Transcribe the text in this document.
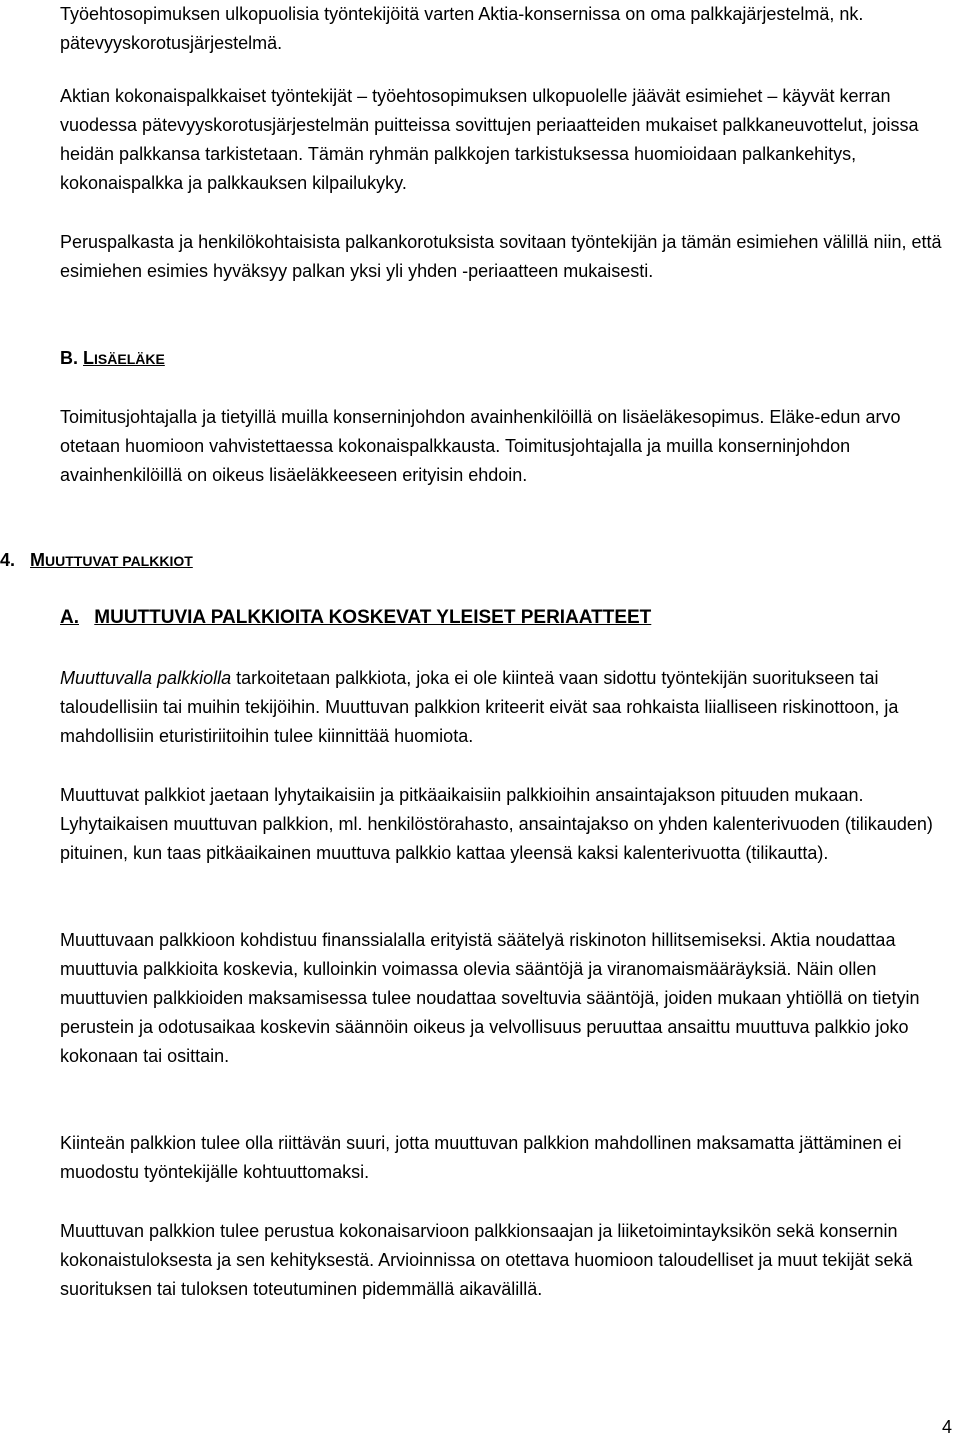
Työehtosopimuksen ulkopuolisia työntekijöitä varten Aktia-konsernissa on oma palkkajärjestelmä, nk. pätevyyskorotusjärjestelmä.

Aktian kokonaispalkkaiset työntekijät – työehtosopimuksen ulkopuolelle jäävät esimiehet – käyvät kerran vuodessa pätevyyskorotusjärjestelmän puitteissa sovittujen periaatteiden mukaiset palkkaneuvottelut, joissa heidän palkkansa tarkistetaan. Tämän ryhmän palkkojen tarkistuksessa huomioidaan palkankehitys, kokonaispalkka ja palkkauksen kilpailukyky.

Peruspalkasta ja henkilökohtaisista palkankorotuksista sovitaan työntekijän ja tämän esimiehen välillä niin, että esimiehen esimies hyväksyy palkan yksi yli yhden -periaatteen mukaisesti.

B. LISÄELÄKE

Toimitusjohtajalla ja tietyillä muilla konserninjohdon avainhenkilöillä on lisäeläkesopimus. Eläke-edun arvo otetaan huomioon vahvistettaessa kokonaispalkkausta. Toimitusjohtajalla ja muilla konserninjohdon avainhenkilöillä on oikeus lisäeläkkeeseen erityisin ehdoin.

4. MUUTTUVAT PALKKIOT
A. MUUTTUVIA PALKKIOITA KOSKEVAT YLEISET PERIAATTEET

Muuttuvalla palkkiolla tarkoitetaan palkkiota, joka ei ole kiinteä vaan sidottu työntekijän suoritukseen tai taloudellisiin tai muihin tekijöihin. Muuttuvan palkkion kriteerit eivät saa rohkaista liialliseen riskinottoon, ja mahdollisiin eturistiriitoihin tulee kiinnittää huomiota.

Muuttuvat palkkiot jaetaan lyhytaikaisiin ja pitkäaikaisiin palkkioihin ansaintajakson pituuden mukaan. Lyhytaikaisen muuttuvan palkkion, ml. henkilöstörahasto, ansaintajakso on yhden kalenterivuoden (tilikauden) pituinen, kun taas pitkäaikainen muuttuva palkkio kattaa yleensä kaksi kalenterivuotta (tilikautta).

Muuttuvaan palkkioon kohdistuu finanssialalla erityistä säätelyä riskinoton hillitsemiseksi. Aktia noudattaa muuttuvia palkkioita koskevia, kulloinkin voimassa olevia sääntöjä ja viranomaismääräyksiä. Näin ollen muuttuvien palkkioiden maksamisessa tulee noudattaa soveltuvia sääntöjä, joiden mukaan yhtiöllä on tietyin perustein ja odotusaikaa koskevin säännöin oikeus ja velvollisuus peruuttaa ansaittu muuttuva palkkio joko kokonaan tai osittain.

Kiinteän palkkion tulee olla riittävän suuri, jotta muuttuvan palkkion mahdollinen maksamatta jättäminen ei muodostu työntekijälle kohtuuttomaksi.

Muuttuvan palkkion tulee perustua kokonaisarvioon palkkionsaajan ja liiketoimintayksikön sekä konsernin kokonaistuloksesta ja sen kehityksestä. Arvioinnissa on otettava huomioon taloudelliset ja muut tekijät sekä suorituksen tai tuloksen toteutuminen pidemmällä aikavälillä.

4
